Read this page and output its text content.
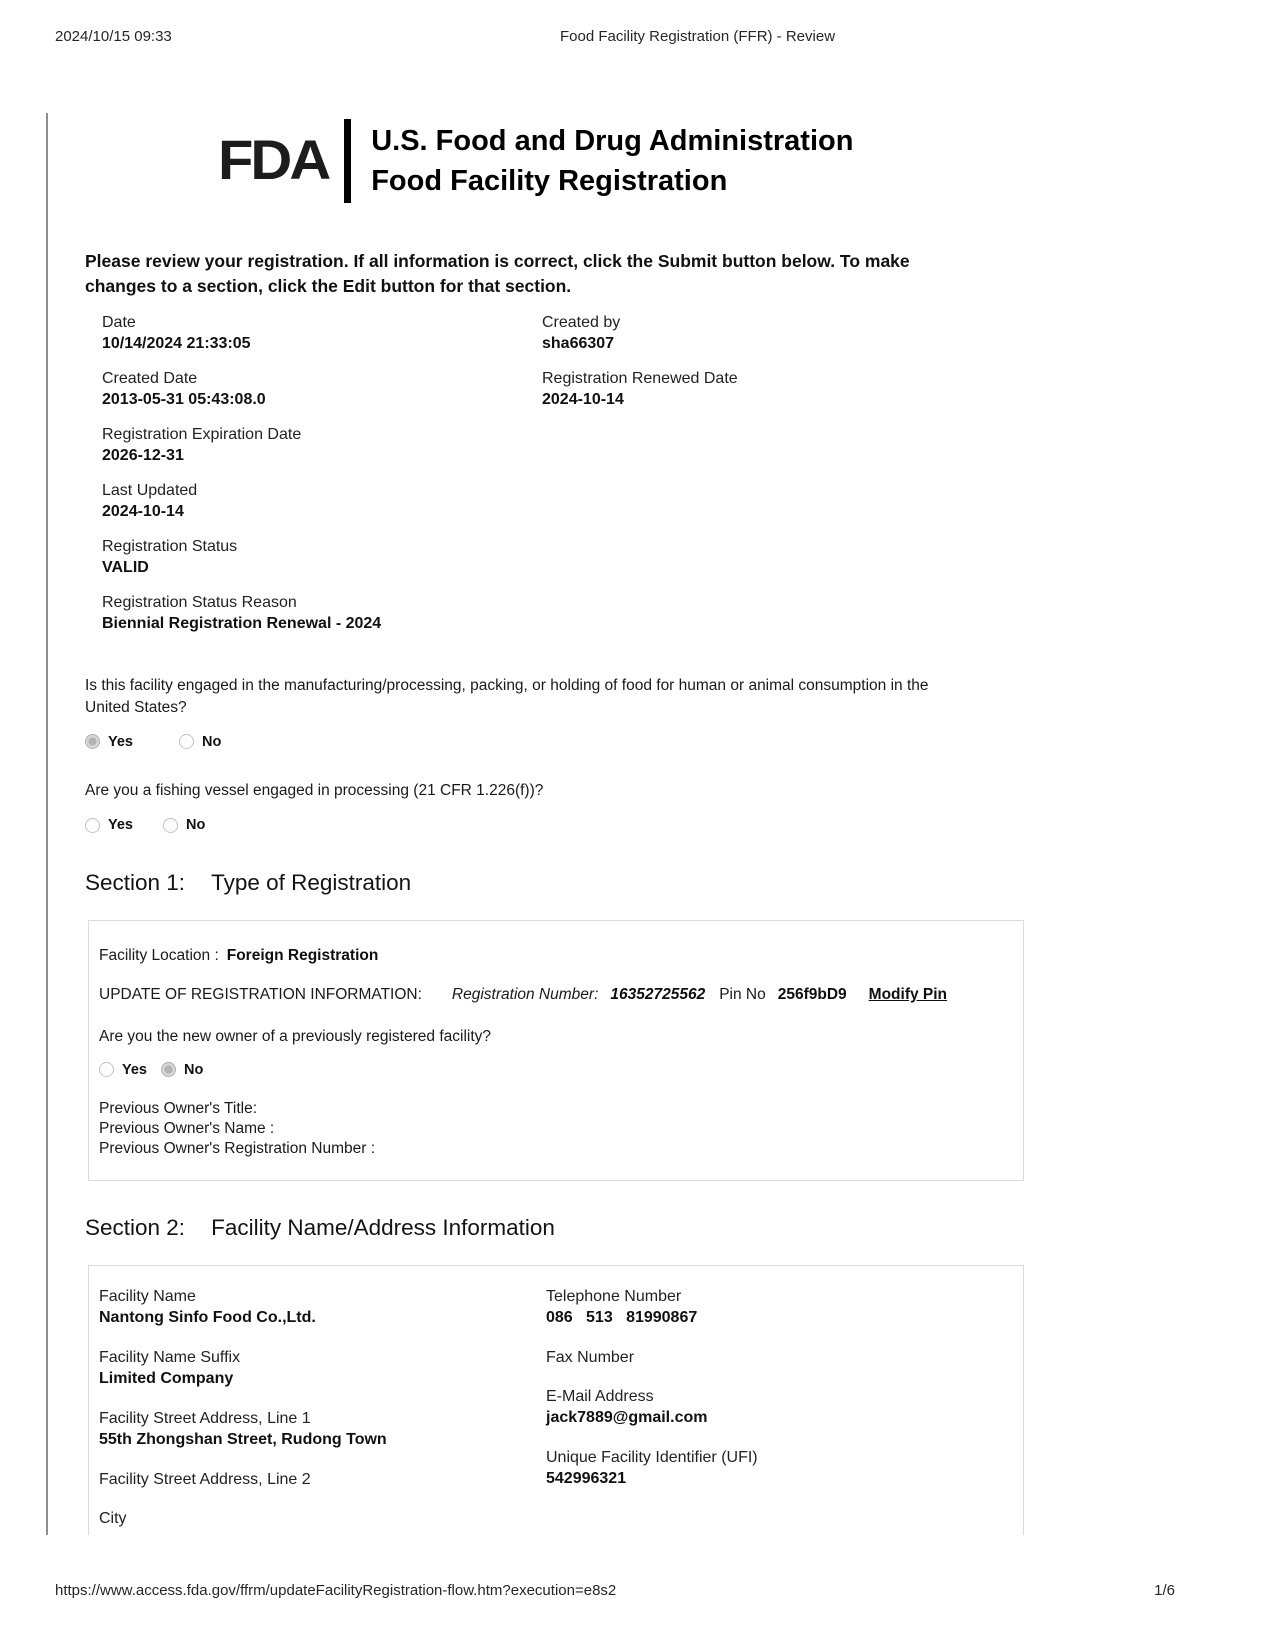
2024/10/15 09:33	Food Facility Registration (FFR) - Review
FDA U.S. Food and Drug Administration
Food Facility Registration

Please review your registration. If all information is correct, click the Submit button below. To make changes to a section, click the Edit button for that section.

Date
10/14/2024 21:33:05
Created by
sha66307
Created Date
2013-05-31 05:43:08.0
Registration Renewed Date
2024-10-14
Registration Expiration Date
2026-12-31
Last Updated
2024-10-14
Registration Status
VALID
Registration Status Reason
Biennial Registration Renewal - 2024
Is this facility engaged in the manufacturing/processing, packing, or holding of food for human or animal consumption in the United States?
Yes	No
Are you a fishing vessel engaged in processing (21 CFR 1.226(f))?
Yes	No
Section 1: Type of Registration
Facility Location : Foreign Registration
UPDATE OF REGISTRATION INFORMATION: Registration Number: 16352725562 Pin No 256f9bD9 Modify Pin
Are you the new owner of a previously registered facility?
Yes	No
Previous Owner's Title:
Previous Owner's Name :
Previous Owner's Registration Number :
Section 2: Facility Name/Address Information
Facility Name
Nantong Sinfo Food Co.,Ltd.
Facility Name Suffix
Limited Company
Facility Street Address, Line 1
55th Zhongshan Street, Rudong Town
Facility Street Address, Line 2
City
Telephone Number
086   513   81990867
Fax Number
E-Mail Address
jack7889@gmail.com
Unique Facility Identifier (UFI)
542996321
https://www.access.fda.gov/ffrm/updateFacilityRegistration-flow.htm?execution=e8s2	1/6
